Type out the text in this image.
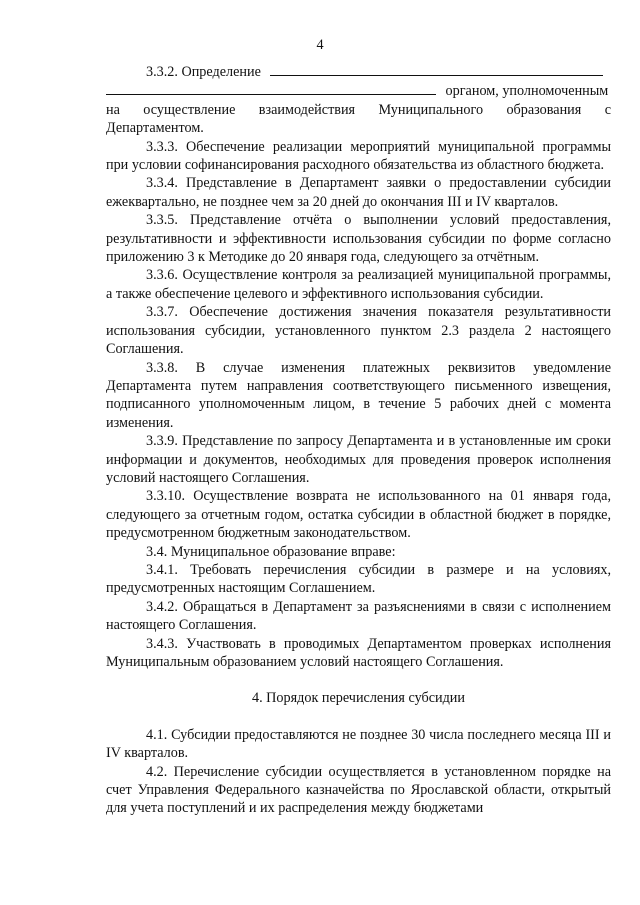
4

3.3.2. Определение

органом, уполномоченным

на осуществление взаимодействия Муниципального образования с Департаментом.

3.3.3. Обеспечение реализации мероприятий муниципальной программы при условии софинансирования расходного обязательства из областного бюджета.

3.3.4. Представление в Департамент заявки о предоставлении субсидии ежеквартально, не позднее чем за 20 дней до окончания III и IV кварталов.

3.3.5. Представление отчёта о выполнении условий предоставления, результативности и эффективности использования субсидии по форме согласно приложению 3 к Методике до 20 января года, следующего за отчётным.

3.3.6. Осуществление контроля за реализацией муниципальной программы, а также обеспечение целевого и эффективного использования субсидии.

3.3.7. Обеспечение достижения значения показателя результативности использования субсидии, установленного пунктом 2.3 раздела 2 настоящего Соглашения.

3.3.8. В случае изменения платежных реквизитов уведомление Департамента путем направления соответствующего письменного извещения, подписанного уполномоченным лицом, в течение 5 рабочих дней с момента изменения.

3.3.9. Представление по запросу Департамента и в установленные им сроки информации и документов, необходимых для проведения проверок исполнения условий настоящего Соглашения.

3.3.10. Осуществление возврата не использованного на 01 января года, следующего за отчетным годом, остатка субсидии в областной бюджет в порядке, предусмотренном бюджетным законодательством.

3.4. Муниципальное образование вправе:

3.4.1. Требовать перечисления субсидии в размере и на условиях, предусмотренных настоящим Соглашением.

3.4.2. Обращаться в Департамент за разъяснениями в связи с исполнением настоящего Соглашения.

3.4.3. Участвовать в проводимых Департаментом проверках исполнения Муниципальным образованием условий настоящего Соглашения.

4. Порядок перечисления субсидии

4.1. Субсидии предоставляются не позднее 30 числа последнего месяца III и IV кварталов.

4.2. Перечисление субсидии осуществляется в установленном порядке на счет Управления Федерального казначейства по Ярославской области, открытый для учета поступлений и их распределения между бюджетами
